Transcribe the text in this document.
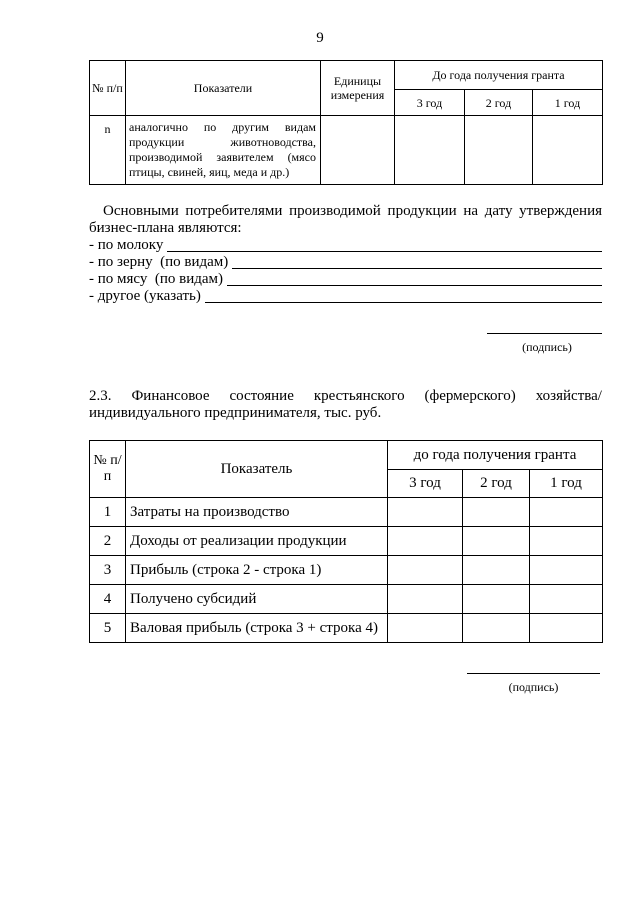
9
№ п/п	Показатели	Единицы измерения	До года получения гранта		
			3 год	2 год	1 год
n	аналогично по другим видам продукции животноводства, производимой заявителем (мясо птицы, свиней, яиц, меда и др.)				
Основными потребителями производимой продукции на дату утверждения
бизнес-плана являются:
- по молоку
- по зерну  (по видам)
- по мясу  (по видам)
- другое (указать)
(подпись)
2.3. Финансовое состояние крестьянского (фермерского) хозяйства/
индивидуального предпринимателя, тыс. руб.
№ п/п	Показатель	до года получения гранта		
		3 год	2 год	1 год
1	Затраты на производство			
2	Доходы от реализации продукции			
3	Прибыль (строка 2 - строка 1)			
4	Получено субсидий			
5	Валовая прибыль (строка 3 + строка 4)			
(подпись)
